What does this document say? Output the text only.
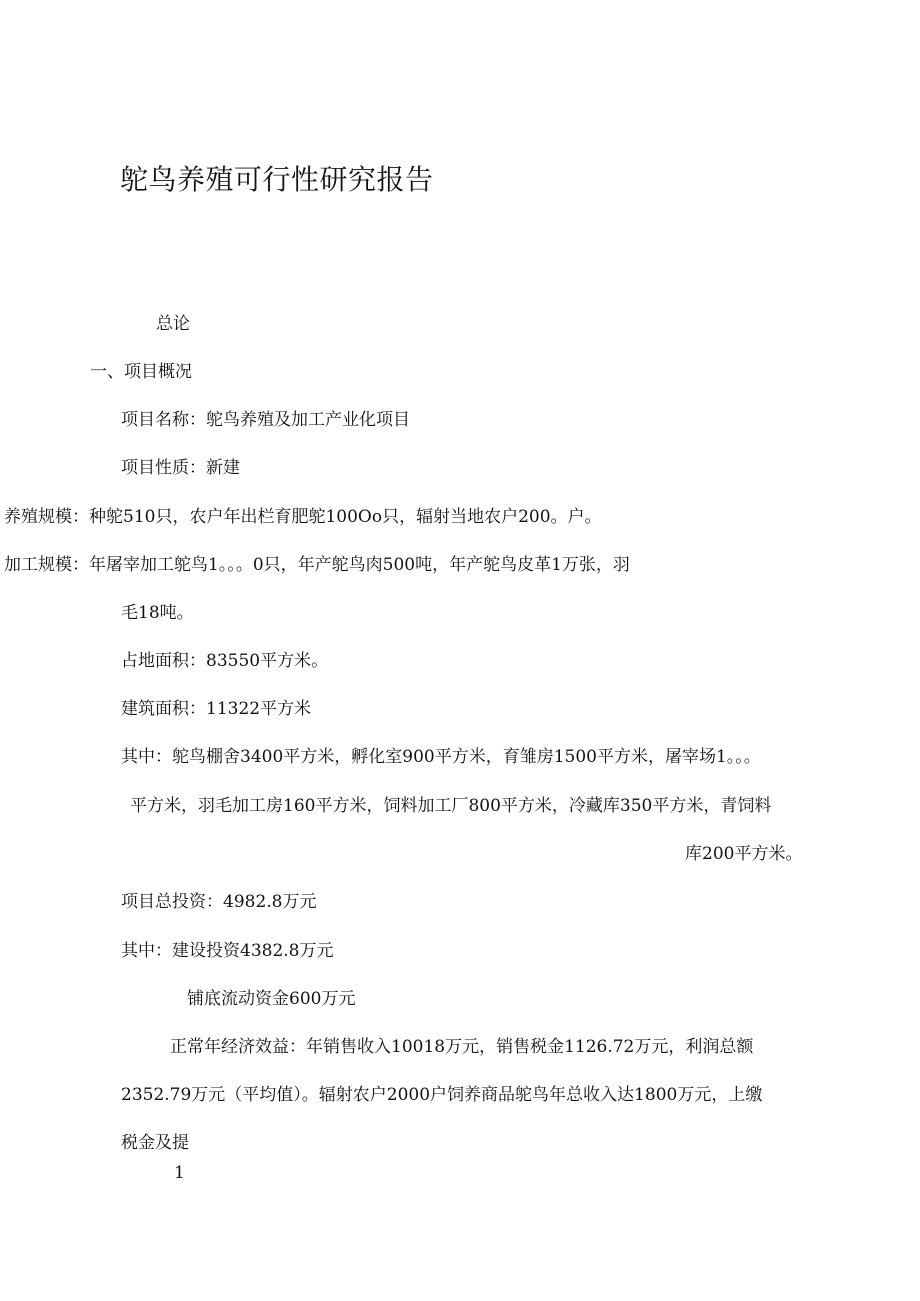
鸵鸟养殖可行性研究报告
总论
一、项目概况
项目名称：鸵鸟养殖及加工产业化项目
项目性质：新建
养殖规模：种鸵510只，农户年出栏育肥鸵100Oo只，辐射当地农户200。户。
加工规模：年屠宰加工鸵鸟1。。。0只，年产鸵鸟肉500吨，年产鸵鸟皮革1万张，羽
毛18吨。
占地面积：83550平方米。
建筑面积：11322平方米
其中：鸵鸟棚舍3400平方米，孵化室900平方米，育雏房1500平方米，屠宰场1。。。
平方米，羽毛加工房160平方米，饲料加工厂800平方米，冷藏库350平方米，青饲料
库200平方米。
项目总投资：4982.8万元
其中：建设投资4382.8万元
铺底流动资金600万元
正常年经济效益：年销售收入10018万元，销售税金1126.72万元，利润总额
2352.79万元（平均值）。辐射农户2000户饲养商品鸵鸟年总收入达1800万元，上缴
税金及提
1
